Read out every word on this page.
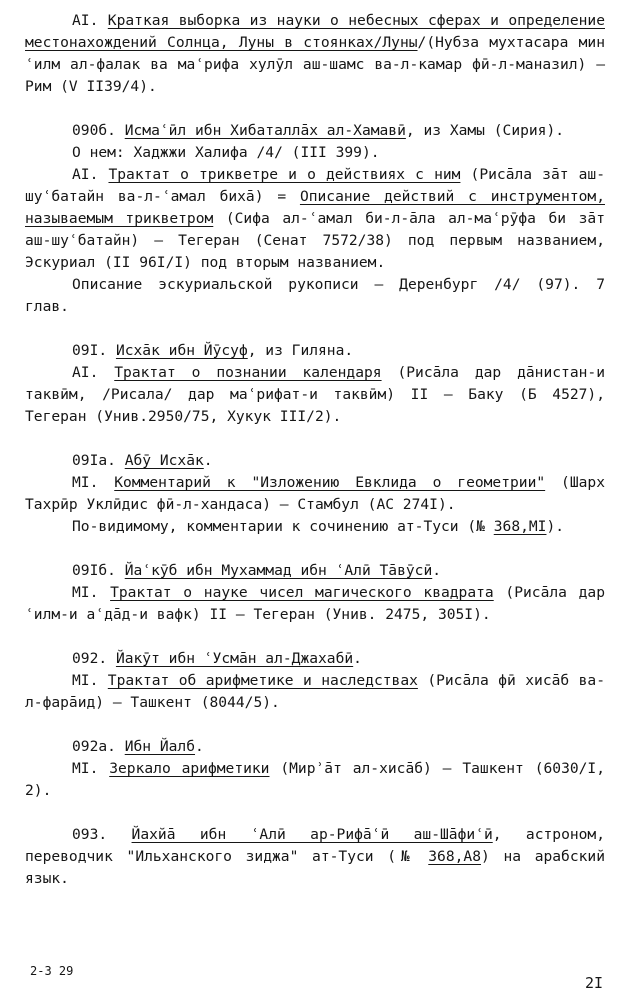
AI. Краткая выборка из науки о небесных сферах и определение местонахождений Солнца, Луны в стоянках/Луны/(Нубза мухтасара мин ʿилм ал-фалак ва маʿрифа хулӯл аш-шамс ва-л-камар фӣ-л-маназил) – Рим (V II39/4).

090б. Исмаʿӣл ибн Хибаталлāх ал-Хамавӣ, из Хамы (Сирия).

О нем: Хаджжи Халифа /4/ (III 399).

AI. Трактат о трикветре и о действиях с ним (Рисāла зāт аш-шуʿбатайн ва-л-ʿамал бихā) = Описание действий с инструментом, называемым трикветром (Сифа ал-ʿамал би-л-āла ал-маʿрӯфа би зāт аш-шуʿбатайн) – Тегеран (Сенат 7572/38) под первым названием, Эскуриал (II 96I/I) под вторым названием.

Описание эскуриальской рукописи – Деренбург /4/ (97). 7 глав.

09I. Исхāк ибн Йӯсуф, из Гиляна.

AI. Трактат о познании календаря (Рисāла дар дāнистан-и таквӣм, /Рисала/ дар маʿрифат-и таквӣм) II – Баку (Б 4527), Тегеран (Унив.2950/75, Хукук III/2).

09Iа. Абӯ Исхāк.

MI. Комментарий к "Изложению Евклида о геометрии" (Шарх Тахрӣр Уклӣдис фӣ-л-хандаса) – Стамбул (АС 274I).

По-видимому, комментарии к сочинению ат-Туси (№ 368,MI).

09Iб. Йаʿкӯб ибн Мухаммад ибн ʿАлӣ Тāвӯсӣ.

MI. Трактат о науке чисел магического квадрата (Рисāла дар ʿилм-и аʿдāд-и вафк) II – Тегеран (Унив. 2475, 305I).

092. Йакӯт ибн ʿУсмāн ал-Джахабӣ.

MI. Трактат об арифметике и наследствах (Рисāла фӣ хисāб ва-л-фарāид) – Ташкент (8044/5).

092а. Ибн Йалб.

MI. Зеркало арифметики (Мирʾāт ал-хисāб) – Ташкент (6030/I, 2).

093. Йахйā ибн ʿАлӣ ар-Рифāʿӣ аш-Шāфиʿӣ, астроном, переводчик "Ильханского зиджа" ат-Туси (№ 368,A8) на арабский язык.

2-3 29
2I
